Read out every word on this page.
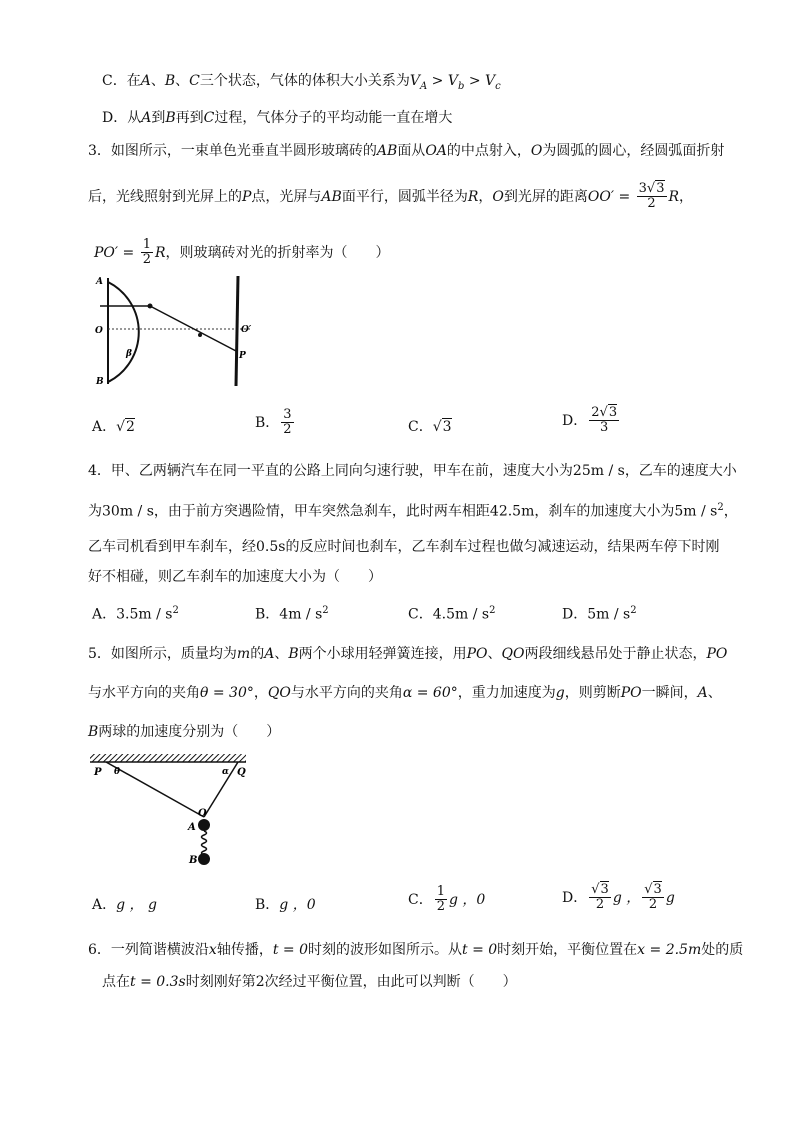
C．在A、B、C三个状态，气体的体积大小关系为$V_A > V_b > V_c$
D．从A到B再到C过程，气体分子的平均动能一直在增大
3．如图所示，一束单色光垂直半圆形玻璃砖的AB面从OA的中点射入，O为圆弧的圆心，经圆弧面折射
后，光线照射到光屏上的P点，光屏与AB面平行，圆弧半径为R，O到光屏的距离$OO' = \frac{3√3}{2}$ R，
$PO' = \frac{1}{2}$ R，则玻璃砖对光的折射率为（　　）
A
O
B
β
O′
P
A．√2	B． $\frac{3}{2}$	C．√3	D． $\frac{2√3}{3}$
4．甲、乙两辆汽车在同一平直的公路上同向匀速行驶，甲车在前，速度大小为25m / s，乙车的速度大小
为30m / s，由于前方突遇险情，甲车突然急刹车，此时两车相距42.5m，刹车的加速度大小为$5m / s^2$，
乙车司机看到甲车刹车，经0.5s的反应时间也刹车，乙车刹车过程也做匀减速运动，结果两车停下时刚
好不相碰，则乙车刹车的加速度大小为（　　）
A．$3.5m / s^2$	B．$4m / s^2$	C．$4.5m / s^2$	D．$5m / s^2$
5．如图所示，质量均为m的A、B两个小球用轻弹簧连接，用PO、QO两段细线悬吊处于静止状态，PO
与水平方向的夹角θ = 30°，QO与水平方向的夹角α = 60°，重力加速度为g，则剪断PO一瞬间，A、
B两球的加速度分别为（　　）
P θ	α Q
O
A
B
A．g ， g	B．g ，0	C． $\frac{1}{2}$ g ，0	D． $\frac{√3}{2}$ g ， $\frac{√3}{2}$ g
6．一列简谐横波沿x轴传播，t = 0时刻的波形如图所示。从t = 0时刻开始，平衡位置在x = 2.5m处的质
点在t = 0.3s时刻刚好第2次经过平衡位置，由此可以判断（　　）
